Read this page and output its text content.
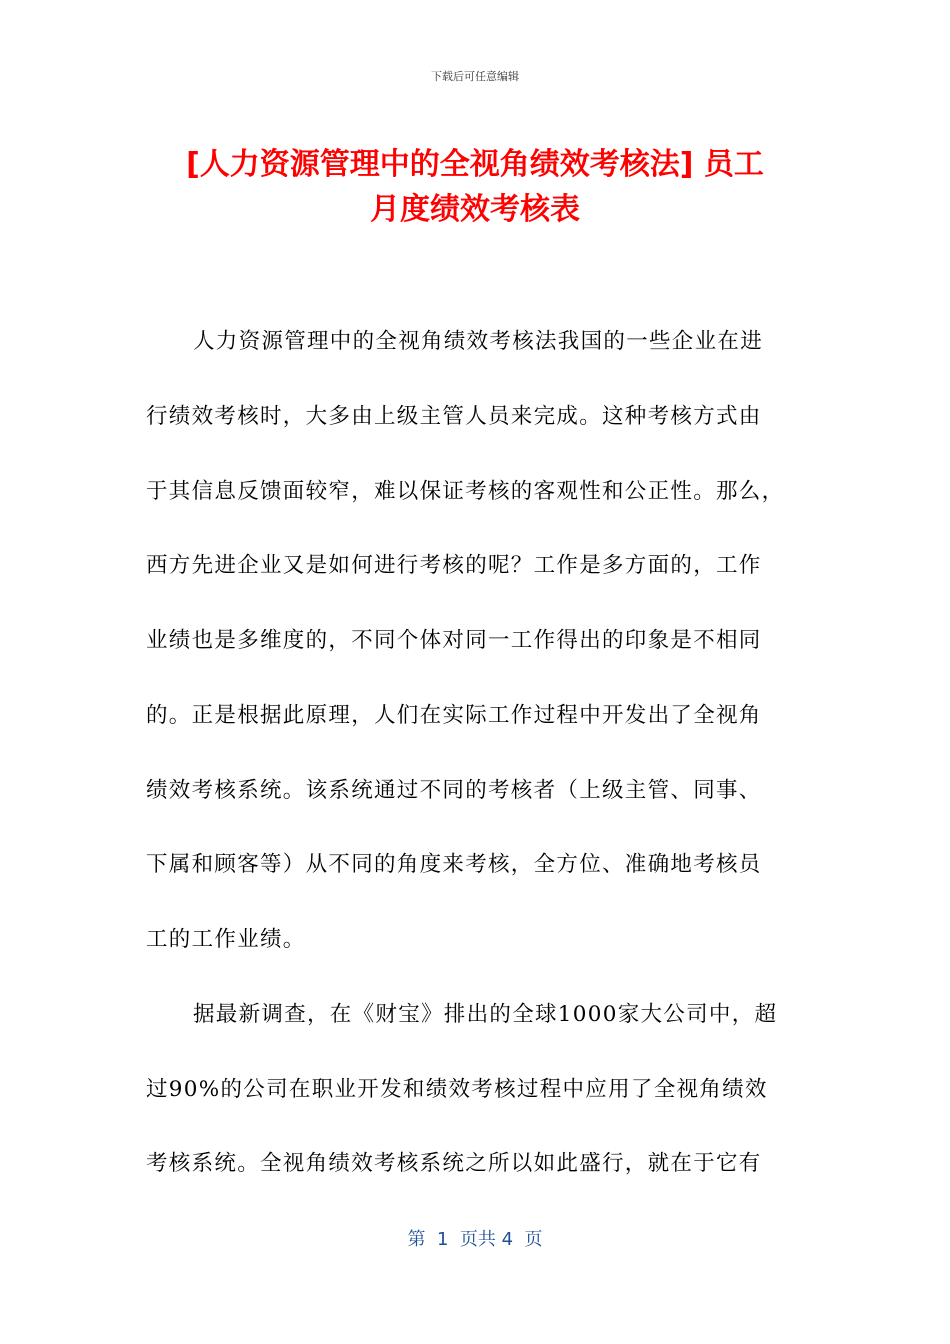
下载后可任意编辑
[人力资源管理中的全视角绩效考核法] 员工
月度绩效考核表
人力资源管理中的全视角绩效考核法我国的一些企业在进
行绩效考核时，大多由上级主管人员来完成。这种考核方式由
于其信息反馈面较窄，难以保证考核的客观性和公正性。那么，
西方先进企业又是如何进行考核的呢？工作是多方面的，工作
业绩也是多维度的，不同个体对同一工作得出的印象是不相同
的。正是根据此原理，人们在实际工作过程中开发出了全视角
绩效考核系统。该系统通过不同的考核者（上级主管、同事、
下属和顾客等）从不同的角度来考核，全方位、准确地考核员
工的工作业绩。
据最新调查，在《财宝》排出的全球1000家大公司中，超
过90%的公司在职业开发和绩效考核过程中应用了全视角绩效
考核系统。全视角绩效考核系统之所以如此盛行，就在于它有
第  1  页共 4  页
